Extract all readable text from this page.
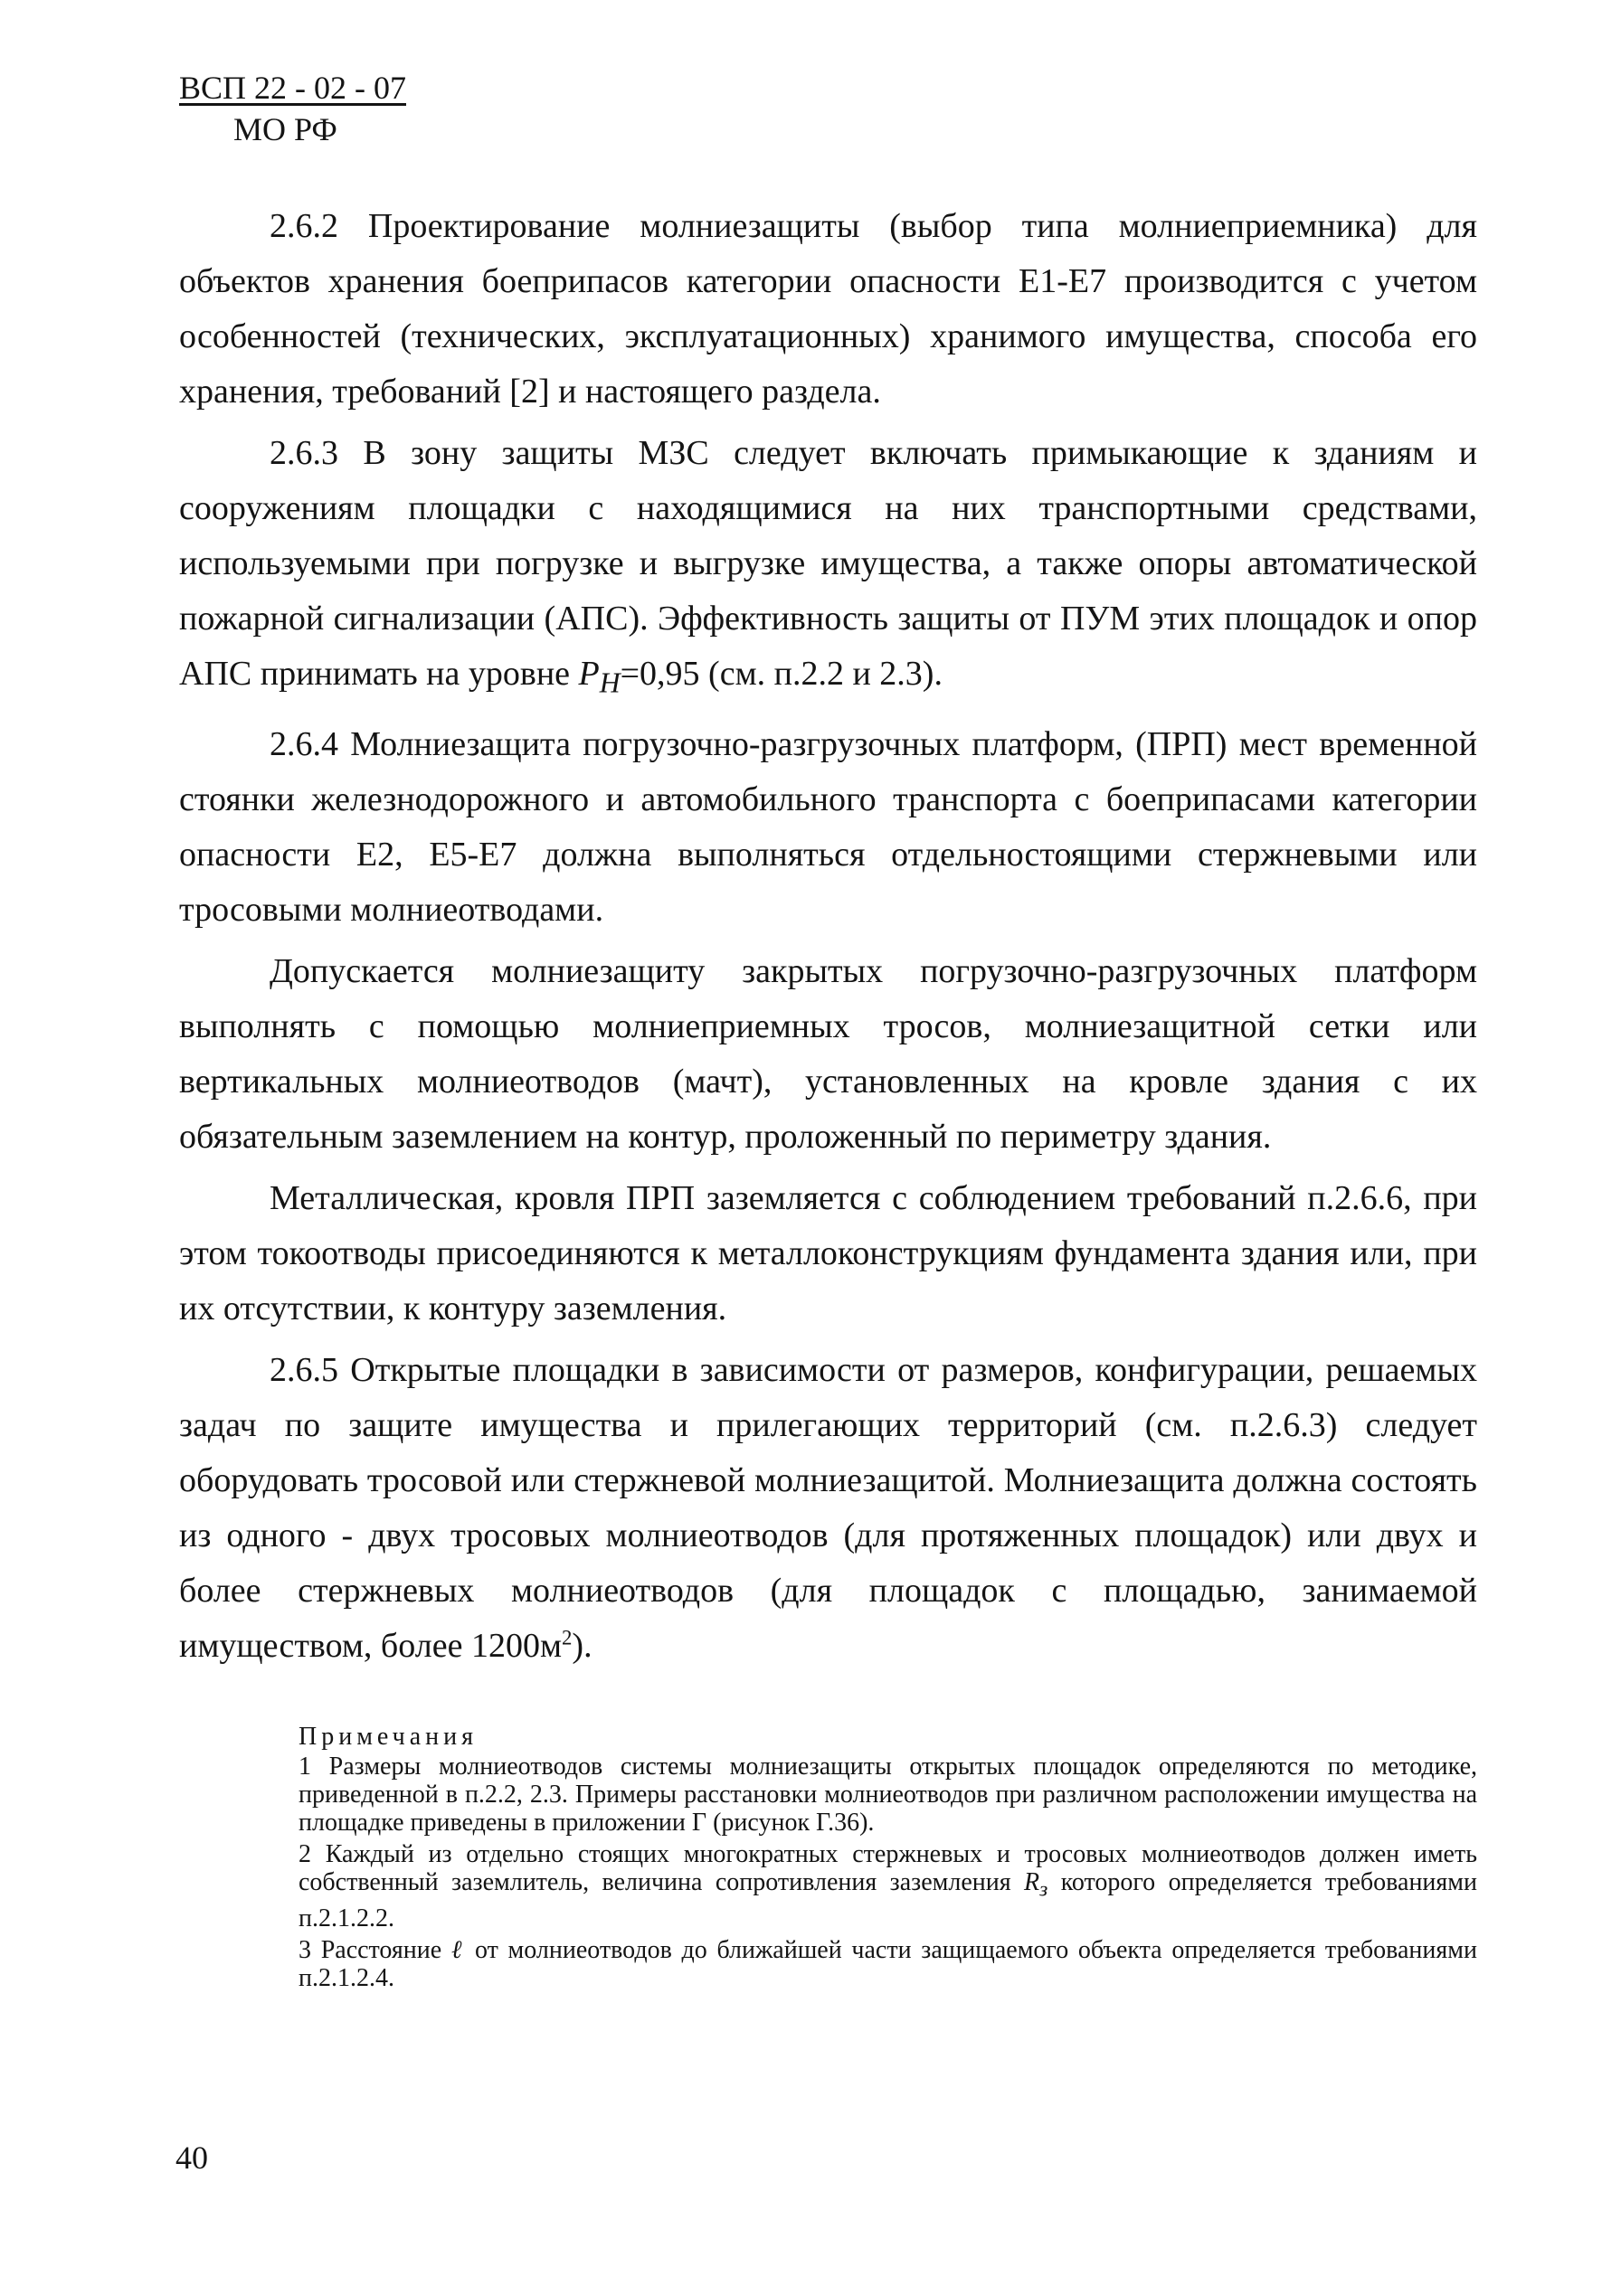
ВСП 22 - 02 - 07
МО РФ

2.6.2 Проектирование молниезащиты (выбор типа молниеприемника) для объектов хранения боеприпасов категории опасности Е1-Е7 производится с учетом особенностей (технических, эксплуатационных) хранимого имущества, способа его хранения, требований [2] и настоящего раздела.

2.6.3 В зону защиты МЗС следует включать примыкающие к зданиям и сооружениям площадки с находящимися на них транспортными средствами, используемыми при погрузке и выгрузке имущества, а также опоры автоматической пожарной сигнализации (АПС). Эффективность защиты от ПУМ этих площадок и опор АПС принимать на уровне $P_H=0,95$ (см. п.2.2 и 2.3).

2.6.4 Молниезащита погрузочно-разгрузочных платформ, (ПРП) мест временной стоянки железнодорожного и автомобильного транспорта с боеприпасами категории опасности Е2, Е5-Е7 должна выполняться отдельностоящими стержневыми или тросовыми молниеотводами.

Допускается молниезащиту закрытых погрузочно-разгрузочных платформ выполнять с помощью молниеприемных тросов, молниезащитной сетки или вертикальных молниеотводов (мачт), установленных на кровле здания с их обязательным заземлением на контур, проложенный по периметру здания.

Металлическая, кровля ПРП заземляется с соблюдением требований п.2.6.6, при этом токоотводы присоединяются к металлоконструкциям фундамента здания или, при их отсутствии, к контуру заземления.

2.6.5 Открытые площадки в зависимости от размеров, конфигурации, решаемых задач по защите имущества и прилегающих территорий (см. п.2.6.3) следует оборудовать тросовой или стержневой молниезащитой. Молниезащита должна состоять из одного - двух тросовых молниеотводов (для протяженных площадок) или двух и более стержневых молниеотводов (для площадок с площадью, занимаемой имуществом, более $1200м^2$).

Примечания

1 Размеры молниеотводов системы молниезащиты открытых площадок определяются по методике, приведенной в п.2.2, 2.3. Примеры расстановки молниеотводов при различном расположении имущества на площадке приведены в приложении Г (рисунок Г.36).

2 Каждый из отдельно стоящих многократных стержневых и тросовых молниеотводов должен иметь собственный заземлитель, величина сопротивления заземления $R_з$ которого определяется требованиями п.2.1.2.2.

3 Расстояние ℓ от молниеотводов до ближайшей части защищаемого объекта определяется требованиями п.2.1.2.4.

40
